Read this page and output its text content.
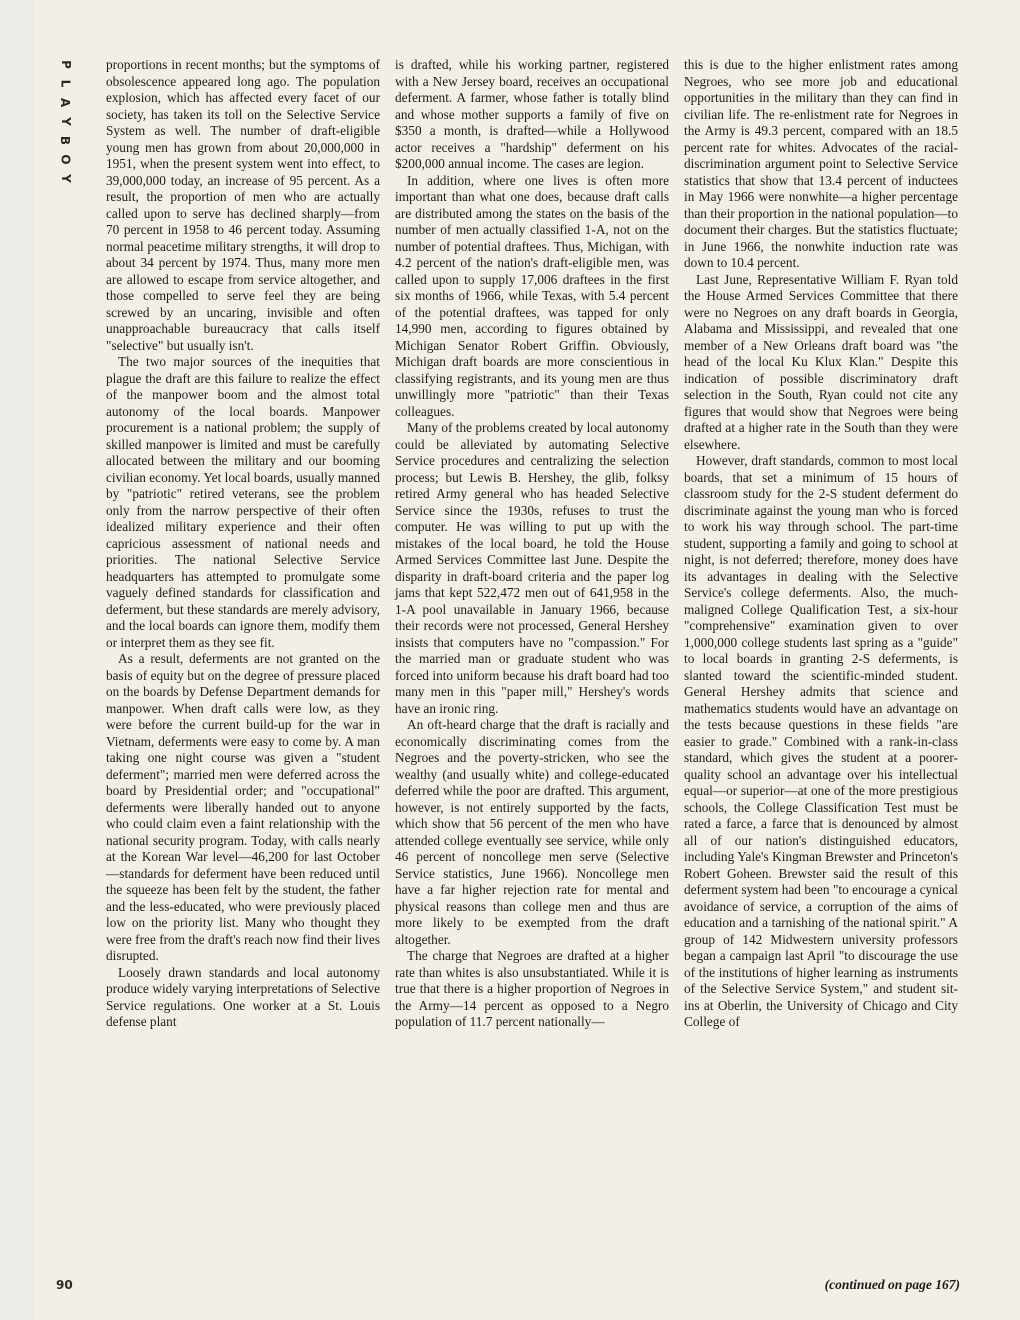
P
L
A
Y
B
O
Y

proportions in recent months; but the symptoms of obsolescence appeared long ago. The population explosion, which has affected every facet of our society, has taken its toll on the Selective Service System as well. The number of draft-eligible young men has grown from about 20,000,000 in 1951, when the present system went into effect, to 39,000,000 today, an increase of 95 percent. As a result, the proportion of men who are actually called upon to serve has declined sharply—from 70 percent in 1958 to 46 percent today. Assuming normal peacetime military strengths, it will drop to about 34 percent by 1974. Thus, many more men are allowed to escape from service altogether, and those compelled to serve feel they are being screwed by an uncaring, invisible and often unapproachable bureaucracy that calls itself "selective" but usually isn't.

The two major sources of the inequities that plague the draft are this failure to realize the effect of the manpower boom and the almost total autonomy of the local boards. Manpower procurement is a national problem; the supply of skilled manpower is limited and must be carefully allocated between the military and our booming civilian economy. Yet local boards, usually manned by "patriotic" retired veterans, see the problem only from the narrow perspective of their often idealized military experience and their often capricious assessment of national needs and priorities. The national Selective Service headquarters has attempted to promulgate some vaguely defined standards for classification and deferment, but these standards are merely advisory, and the local boards can ignore them, modify them or interpret them as they see fit.

As a result, deferments are not granted on the basis of equity but on the degree of pressure placed on the boards by Defense Department demands for manpower. When draft calls were low, as they were before the current build-up for the war in Vietnam, deferments were easy to come by. A man taking one night course was given a "student deferment"; married men were deferred across the board by Presidential order; and "occupational" deferments were liberally handed out to anyone who could claim even a faint relationship with the national security program. Today, with calls nearly at the Korean War level—46,200 for last October—standards for deferment have been reduced until the squeeze has been felt by the student, the father and the less-educated, who were previously placed low on the priority list. Many who thought they were free from the draft's reach now find their lives disrupted.

Loosely drawn standards and local autonomy produce widely varying interpretations of Selective Service regulations. One worker at a St. Louis defense plant

is drafted, while his working partner, registered with a New Jersey board, receives an occupational deferment. A farmer, whose father is totally blind and whose mother supports a family of five on $350 a month, is drafted—while a Hollywood actor receives a "hardship" deferment on his $200,000 annual income. The cases are legion.

In addition, where one lives is often more important than what one does, because draft calls are distributed among the states on the basis of the number of men actually classified 1-A, not on the number of potential draftees. Thus, Michigan, with 4.2 percent of the nation's draft-eligible men, was called upon to supply 17,006 draftees in the first six months of 1966, while Texas, with 5.4 percent of the potential draftees, was tapped for only 14,990 men, according to figures obtained by Michigan Senator Robert Griffin. Obviously, Michigan draft boards are more conscientious in classifying registrants, and its young men are thus unwillingly more "patriotic" than their Texas colleagues.

Many of the problems created by local autonomy could be alleviated by automating Selective Service procedures and centralizing the selection process; but Lewis B. Hershey, the glib, folksy retired Army general who has headed Selective Service since the 1930s, refuses to trust the computer. He was willing to put up with the mistakes of the local board, he told the House Armed Services Committee last June. Despite the disparity in draft-board criteria and the paper log jams that kept 522,472 men out of 641,958 in the 1-A pool unavailable in January 1966, because their records were not processed, General Hershey insists that computers have no "compassion." For the married man or graduate student who was forced into uniform because his draft board had too many men in this "paper mill," Hershey's words have an ironic ring.

An oft-heard charge that the draft is racially and economically discriminating comes from the Negroes and the poverty-stricken, who see the wealthy (and usually white) and college-educated deferred while the poor are drafted. This argument, however, is not entirely supported by the facts, which show that 56 percent of the men who have attended college eventually see service, while only 46 percent of noncollege men serve (Selective Service statistics, June 1966). Noncollege men have a far higher rejection rate for mental and physical reasons than college men and thus are more likely to be exempted from the draft altogether.

The charge that Negroes are drafted at a higher rate than whites is also unsubstantiated. While it is true that there is a higher proportion of Negroes in the Army—14 percent as opposed to a Negro population of 11.7 percent nationally—

this is due to the higher enlistment rates among Negroes, who see more job and educational opportunities in the military than they can find in civilian life. The re-enlistment rate for Negroes in the Army is 49.3 percent, compared with an 18.5 percent rate for whites. Advocates of the racial-discrimination argument point to Selective Service statistics that show that 13.4 percent of inductees in May 1966 were nonwhite—a higher percentage than their proportion in the national population—to document their charges. But the statistics fluctuate; in June 1966, the nonwhite induction rate was down to 10.4 percent.

Last June, Representative William F. Ryan told the House Armed Services Committee that there were no Negroes on any draft boards in Georgia, Alabama and Mississippi, and revealed that one member of a New Orleans draft board was "the head of the local Ku Klux Klan." Despite this indication of possible discriminatory draft selection in the South, Ryan could not cite any figures that would show that Negroes were being drafted at a higher rate in the South than they were elsewhere.

However, draft standards, common to most local boards, that set a minimum of 15 hours of classroom study for the 2-S student deferment do discriminate against the young man who is forced to work his way through school. The part-time student, supporting a family and going to school at night, is not deferred; therefore, money does have its advantages in dealing with the Selective Service's college deferments. Also, the much-maligned College Qualification Test, a six-hour "comprehensive" examination given to over 1,000,000 college students last spring as a "guide" to local boards in granting 2-S deferments, is slanted toward the scientific-minded student. General Hershey admits that science and mathematics students would have an advantage on the tests because questions in these fields "are easier to grade." Combined with a rank-in-class standard, which gives the student at a poorer-quality school an advantage over his intellectual equal—or superior—at one of the more prestigious schools, the College Classification Test must be rated a farce, a farce that is denounced by almost all of our nation's distinguished educators, including Yale's Kingman Brewster and Princeton's Robert Goheen. Brewster said the result of this deferment system had been "to encourage a cynical avoidance of service, a corruption of the aims of education and a tarnishing of the national spirit." A group of 142 Midwestern university professors began a campaign last April "to discourage the use of the institutions of higher learning as instruments of the Selective Service System," and student sit-ins at Oberlin, the University of Chicago and City College of

(continued on page 167)
90
